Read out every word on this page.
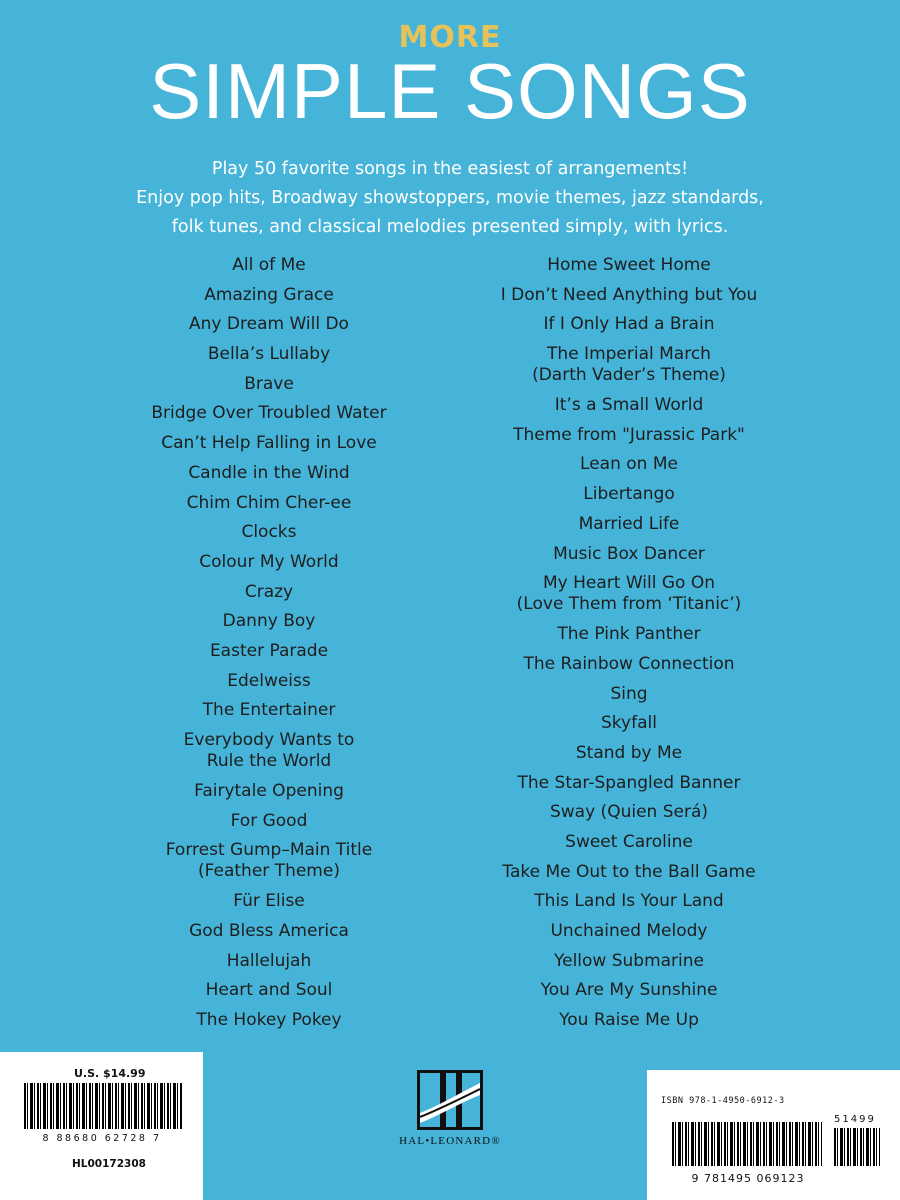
MORE
SIMPLE SONGS
Play 50 favorite songs in the easiest of arrangements!
Enjoy pop hits, Broadway showstoppers, movie themes, jazz standards,
folk tunes, and classical melodies presented simply, with lyrics.
All of Me
Amazing Grace
Any Dream Will Do
Bella’s Lullaby
Brave
Bridge Over Troubled Water
Can’t Help Falling in Love
Candle in the Wind
Chim Chim Cher-ee
Clocks
Colour My World
Crazy
Danny Boy
Easter Parade
Edelweiss
The Entertainer
Everybody Wants to
Rule the World
Fairytale Opening
For Good
Forrest Gump–Main Title
(Feather Theme)
Für Elise
God Bless America
Hallelujah
Heart and Soul
The Hokey Pokey
Home Sweet Home
I Don’t Need Anything but You
If I Only Had a Brain
The Imperial March
(Darth Vader’s Theme)
It’s a Small World
Theme from "Jurassic Park"
Lean on Me
Libertango
Married Life
Music Box Dancer
My Heart Will Go On
(Love Them from ‘Titanic’)
The Pink Panther
The Rainbow Connection
Sing
Skyfall
Stand by Me
The Star-Spangled Banner
Sway (Quien Será)
Sweet Caroline
Take Me Out to the Ball Game
This Land Is Your Land
Unchained Melody
Yellow Submarine
You Are My Sunshine
You Raise Me Up
U.S. $14.99
8 88680 62728 7
HL00172308
HAL•LEONARD®
ISBN 978-1-4950-6912-3
51499
9 781495 069123
